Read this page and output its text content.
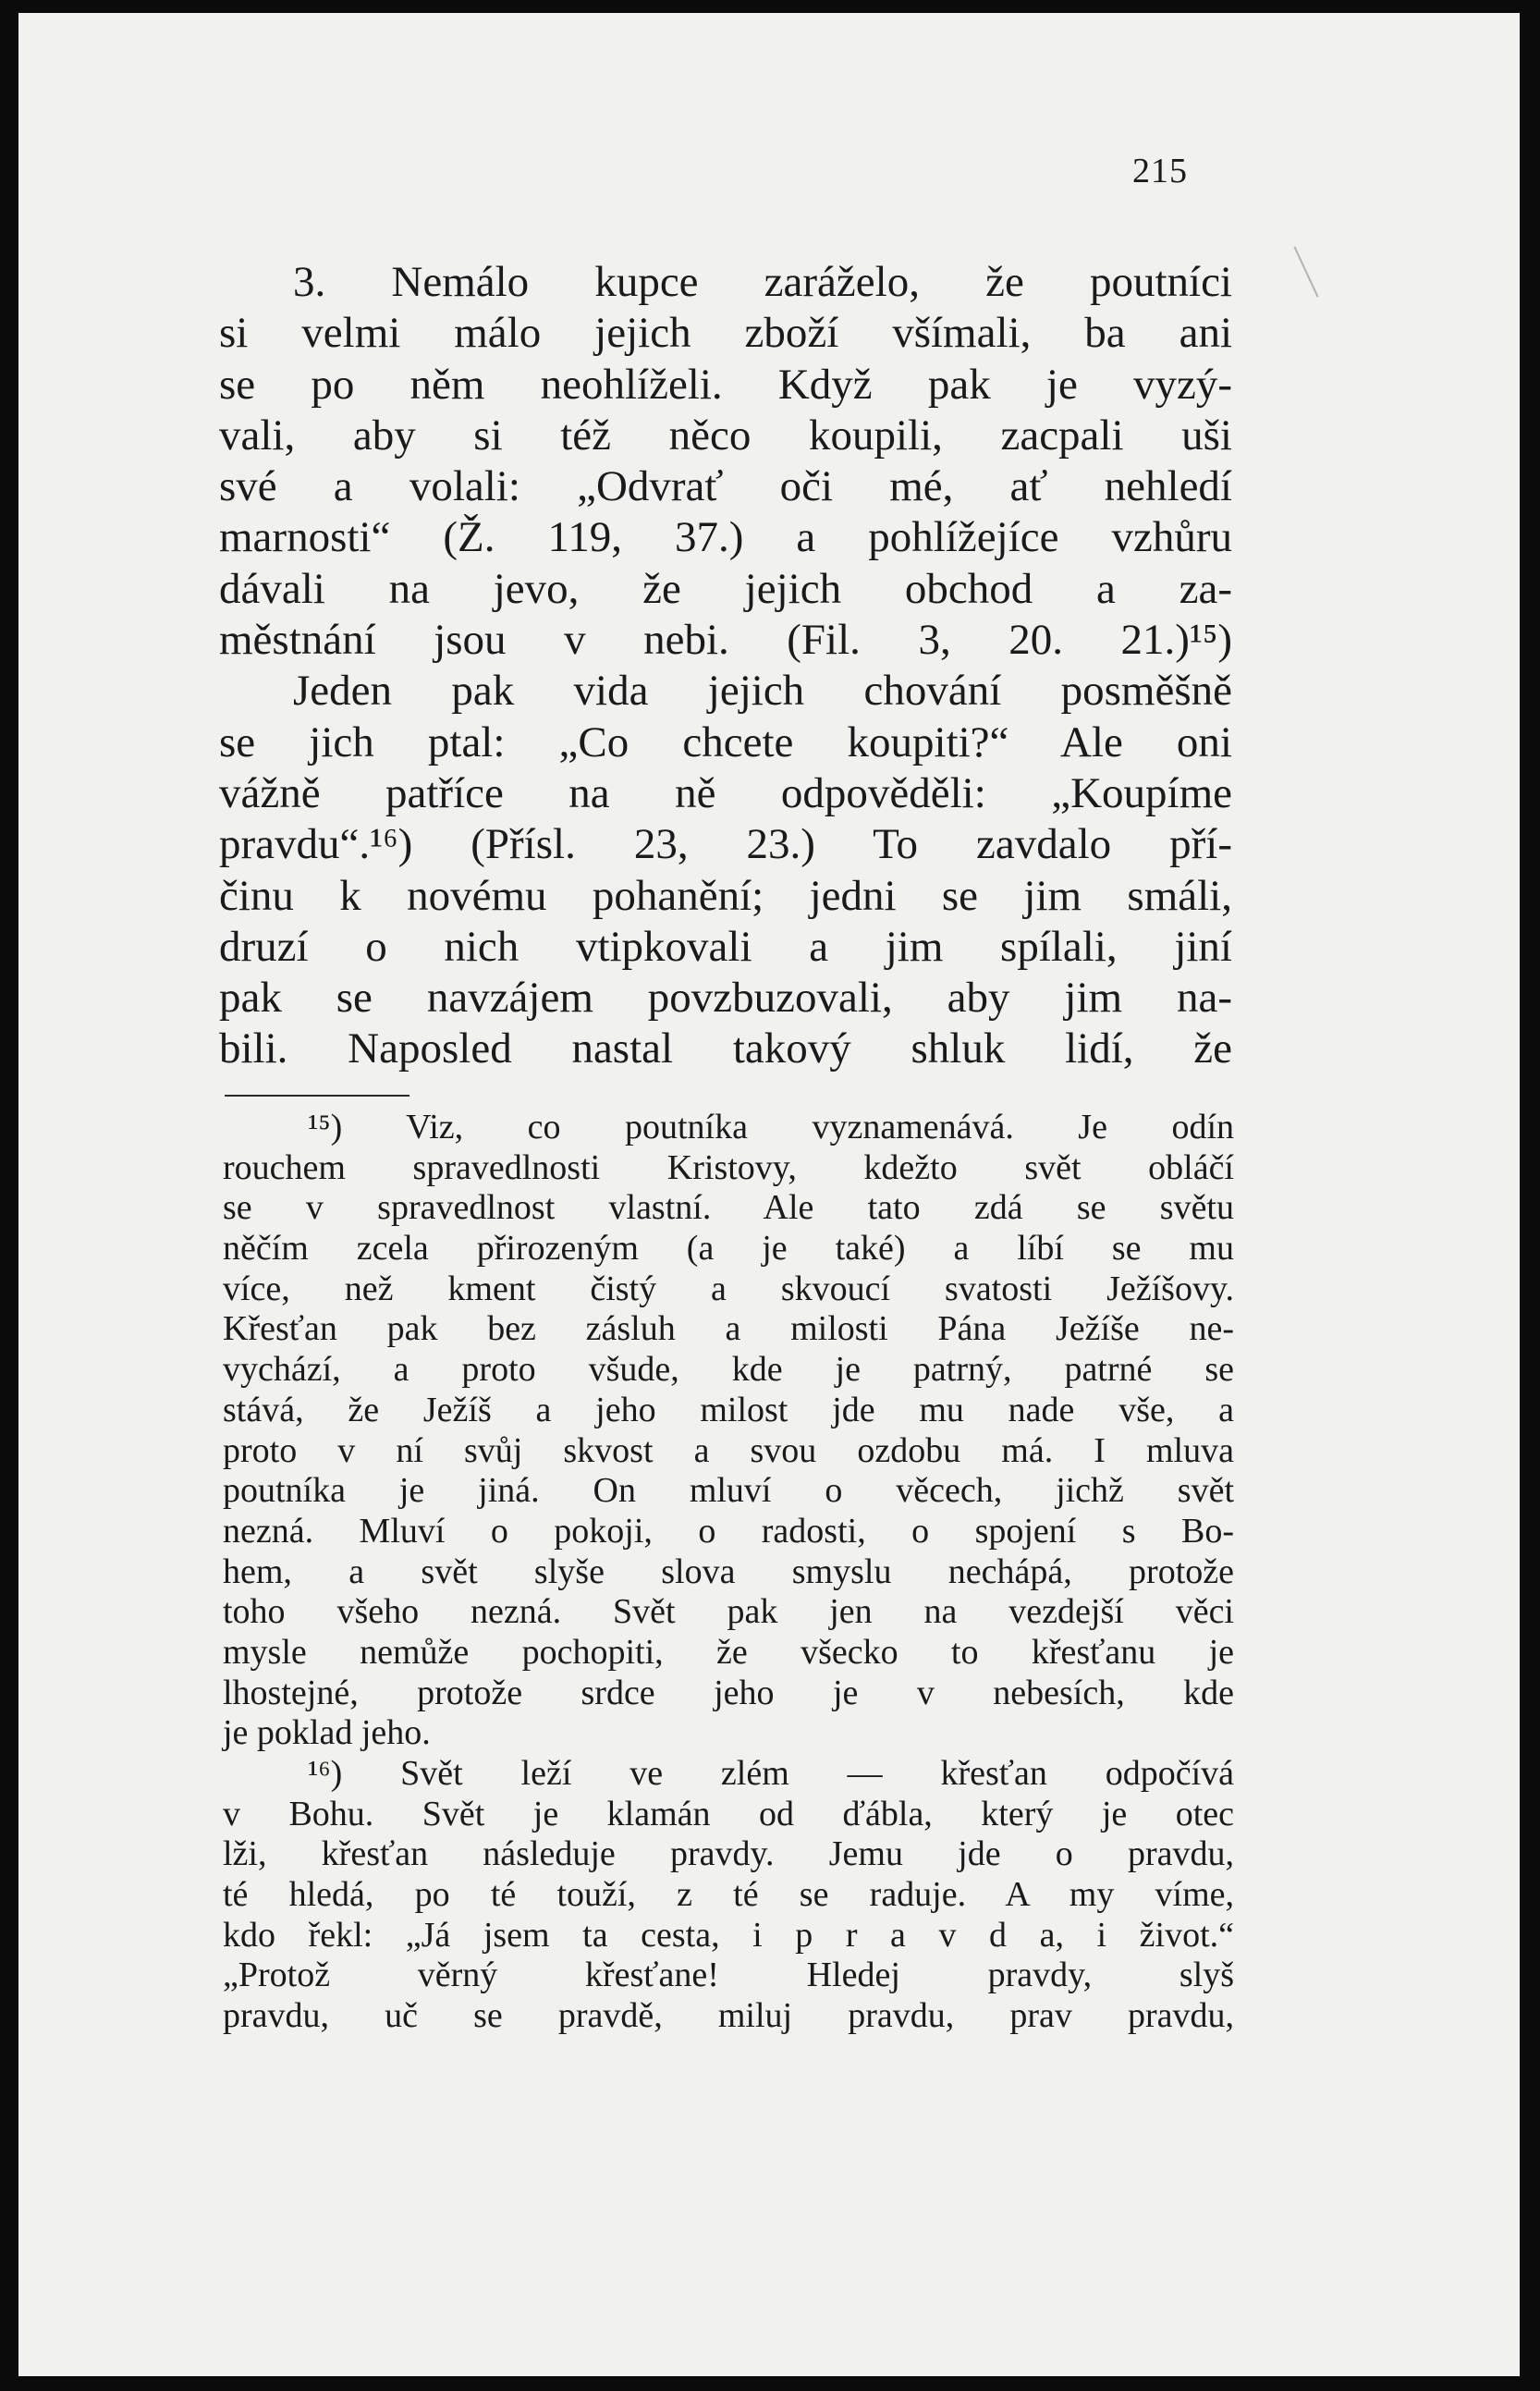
215
3. Nemálo kupce zaráželo, že poutníci
si velmi málo jejich zboží všímali, ba ani
se po něm neohlíželi. Když pak je vyzý-
vali, aby si též něco koupili, zacpali uši
své a volali: „Odvrať oči mé, ať nehledí
marnosti“ (Ž. 119, 37.) a pohlížejíce vzhůru
dávali na jevo, že jejich obchod a za-
městnání jsou v nebi. (Fil. 3, 20. 21.)¹⁵)
Jeden pak vida jejich chování posměšně
se jich ptal: „Co chcete koupiti?“ Ale oni
vážně patříce na ně odpověděli: „Koupíme
pravdu“.¹⁶) (Přísl. 23, 23.) To zavdalo pří-
činu k novému pohanění; jedni se jim smáli,
druzí o nich vtipkovali a jim spílali, jiní
pak se navzájem povzbuzovali, aby jim na-
bili. Naposled nastal takový shluk lidí, že
¹⁵) Viz, co poutníka vyznamenává. Je odín
rouchem spravedlnosti Kristovy, kdežto svět obláčí
se v spravedlnost vlastní. Ale tato zdá se světu
něčím zcela přirozeným (a je také) a líbí se mu
více, než kment čistý a skvoucí svatosti Ježíšovy.
Křesťan pak bez zásluh a milosti Pána Ježíše ne-
vychází, a proto všude, kde je patrný, patrné se
stává, že Ježíš a jeho milost jde mu nade vše, a
proto v ní svůj skvost a svou ozdobu má. I mluva
poutníka je jiná. On mluví o věcech, jichž svět
nezná. Mluví o pokoji, o radosti, o spojení s Bo-
hem, a svět slyše slova smyslu nechápá, protože
toho všeho nezná. Svět pak jen na vezdejší věci
mysle nemůže pochopiti, že všecko to křesťanu je
lhostejné, protože srdce jeho je v nebesích, kde
je poklad jeho.
¹⁶) Svět leží ve zlém — křesťan odpočívá
v Bohu. Svět je klamán od ďábla, který je otec
lži, křesťan následuje pravdy. Jemu jde o pravdu,
té hledá, po té touží, z té se raduje. A my víme,
kdo řekl: „Já jsem ta cesta, i p r a v d a, i život.“
„Protož věrný křesťane! Hledej pravdy, slyš
pravdu, uč se pravdě, miluj pravdu, prav pravdu,
